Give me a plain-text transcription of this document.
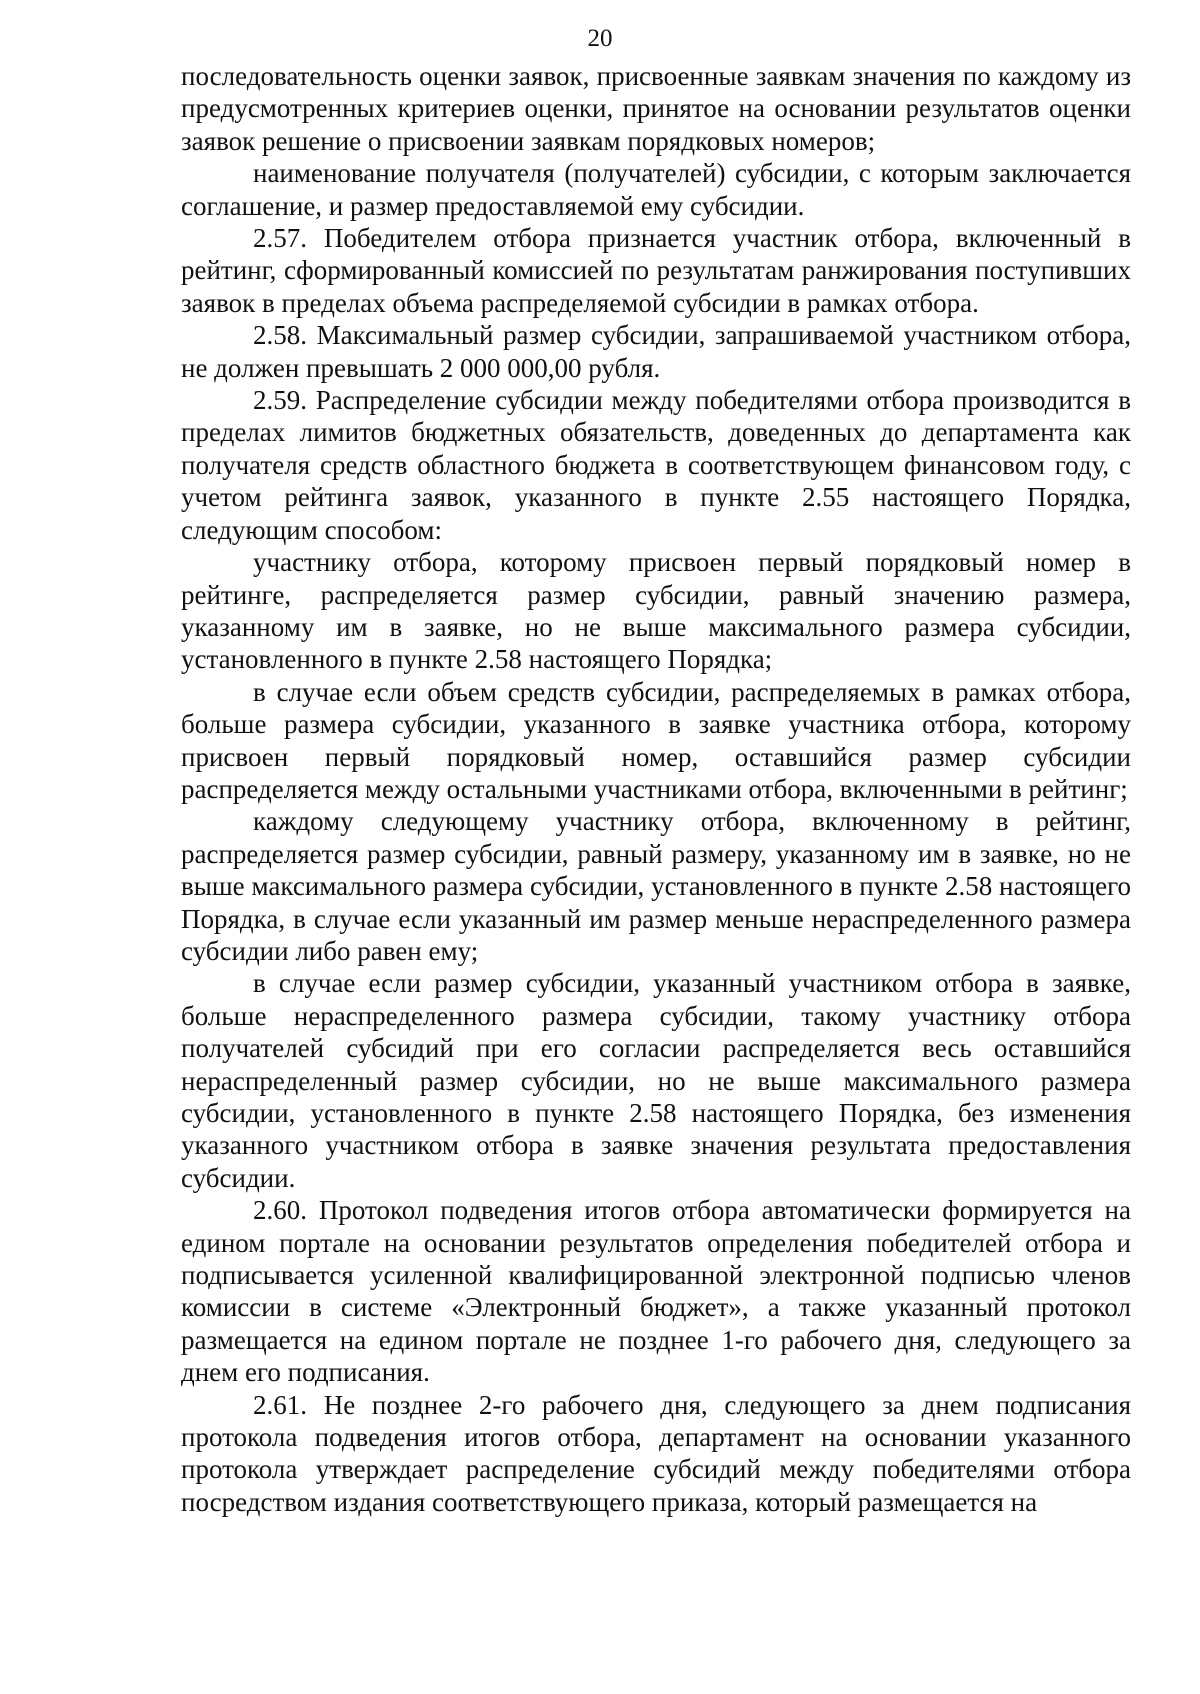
20

последовательность оценки заявок, присвоенные заявкам значения по каждому из предусмотренных критериев оценки, принятое на основании результатов оценки заявок решение о присвоении заявкам порядковых номеров;

наименование получателя (получателей) субсидии, с которым заключается соглашение, и размер предоставляемой ему субсидии.

2.57. Победителем отбора признается участник отбора, включенный в рейтинг, сформированный комиссией по результатам ранжирования поступивших заявок в пределах объема распределяемой субсидии в рамках отбора.

2.58. Максимальный размер субсидии, запрашиваемой участником отбора, не должен превышать 2 000 000,00 рубля.

2.59. Распределение субсидии между победителями отбора производится в пределах лимитов бюджетных обязательств, доведенных до департамента как получателя средств областного бюджета в соответствующем финансовом году, с учетом рейтинга заявок, указанного в пункте 2.55 настоящего Порядка, следующим способом:

участнику отбора, которому присвоен первый порядковый номер в рейтинге, распределяется размер субсидии, равный значению размера, указанному им в заявке, но не выше максимального размера субсидии, установленного в пункте 2.58 настоящего Порядка;

в случае если объем средств субсидии, распределяемых в рамках отбора, больше размера субсидии, указанного в заявке участника отбора, которому присвоен первый порядковый номер, оставшийся размер субсидии распределяется между остальными участниками отбора, включенными в рейтинг;

каждому следующему участнику отбора, включенному в рейтинг, распределяется размер субсидии, равный размеру, указанному им в заявке, но не выше максимального размера субсидии, установленного в пункте 2.58 настоящего Порядка, в случае если указанный им размер меньше нераспределенного размера субсидии либо равен ему;

в случае если размер субсидии, указанный участником отбора в заявке, больше нераспределенного размера субсидии, такому участнику отбора получателей субсидий при его согласии распределяется весь оставшийся нераспределенный размер субсидии, но не выше максимального размера субсидии, установленного в пункте 2.58 настоящего Порядка, без изменения указанного участником отбора в заявке значения результата предоставления субсидии.

2.60. Протокол подведения итогов отбора автоматически формируется на едином портале на основании результатов определения победителей отбора и подписывается усиленной квалифицированной электронной подписью членов комиссии в системе «Электронный бюджет», а также указанный протокол размещается на едином портале не позднее 1-го рабочего дня, следующего за днем его подписания.

2.61. Не позднее 2-го рабочего дня, следующего за днем подписания протокола подведения итогов отбора, департамент на основании указанного протокола утверждает распределение субсидий между победителями отбора посредством издания соответствующего приказа, который размещается на
